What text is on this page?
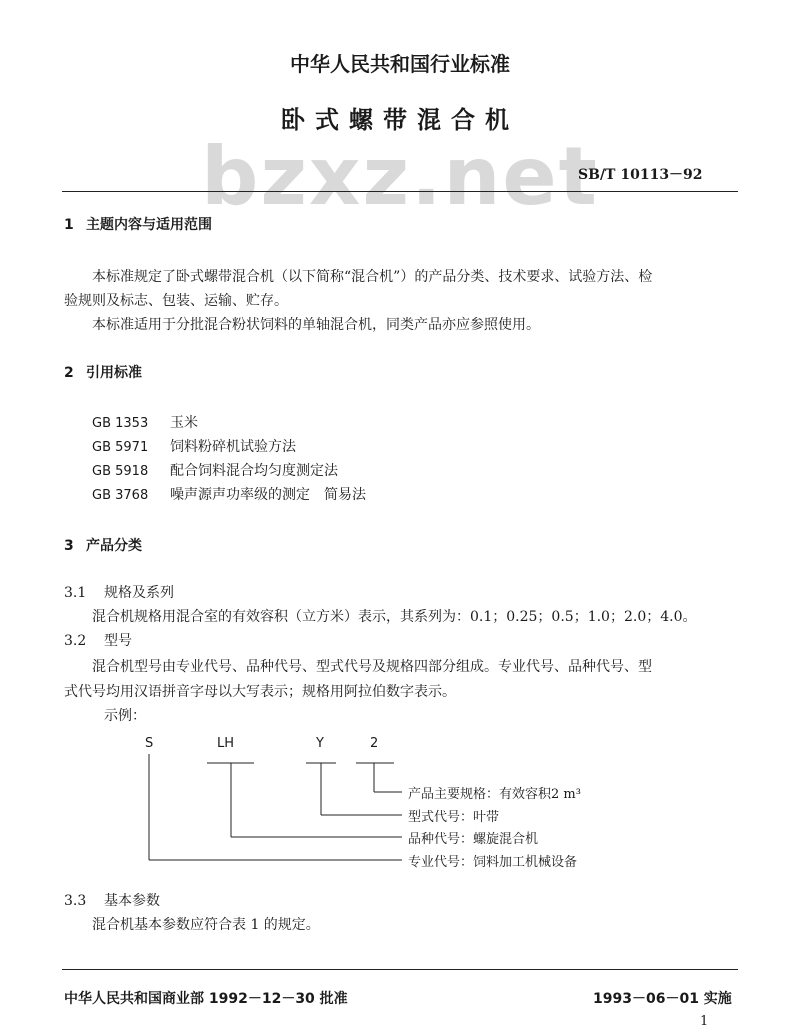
中华人民共和国行业标准
bzxz.net
卧式螺带混合机
SB/T 10113－92
1 主题内容与适用范围
本标准规定了卧式螺带混合机（以下简称“混合机”）的产品分类、技术要求、试验方法、检
验规则及标志、包装、运输、贮存。
本标准适用于分批混合粉状饲料的单轴混合机，同类产品亦应参照使用。
2 引用标准
GB 1353 玉米
GB 5971 饲料粉碎机试验方法
GB 5918 配合饲料混合均匀度测定法
GB 3768 噪声源声功率级的测定　简易法
3 产品分类
3.1 规格及系列
混合机规格用混合室的有效容积（立方米）表示，其系列为：0.1；0.25；0.5；1.0；2.0；4.0。
3.2 型号
混合机型号由专业代号、品种代号、型式代号及规格四部分组成。专业代号、品种代号、型
式代号均用汉语拼音字母以大写表示；规格用阿拉伯数字表示。
示例：
S	LH	Y	2
产品主要规格：有效容积2 m³
型式代号：叶带
品种代号：螺旋混合机
专业代号：饲料加工机械设备
3.3 基本参数
混合机基本参数应符合表 1 的规定。
中华人民共和国商业部 1992－12－30 批准	1993－06－01 实施
1
